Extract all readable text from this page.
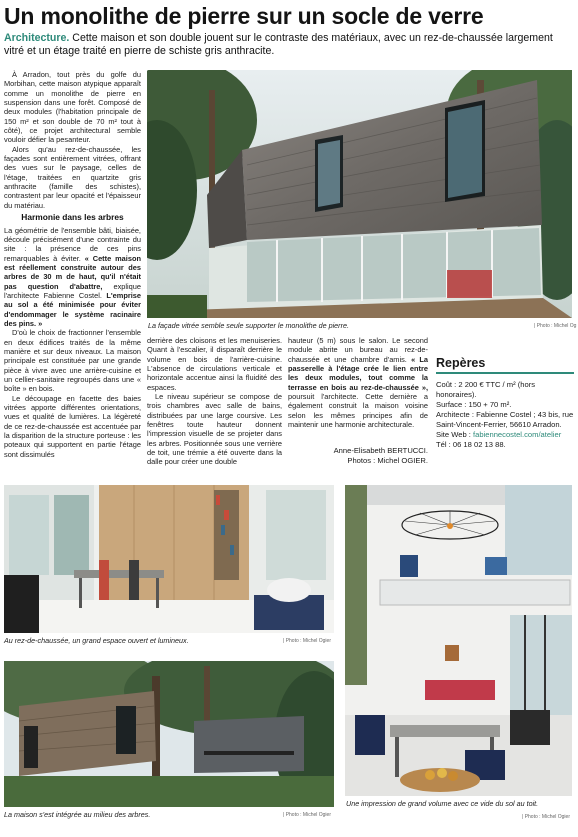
Un monolithe de pierre sur un socle de verre
Architecture. Cette maison et son double jouent sur le contraste des matériaux, avec un rez-de-chaussée largement vitré et un étage traité en pierre de schiste gris anthracite.

À Arradon, tout près du golfe du Morbihan, cette maison atypique apparaît comme un monolithe de pierre en suspension dans une forêt. Composé de deux modules (l'habitation principale de 150 m² et son double de 70 m² tout à côté), ce projet architectural semble vouloir défier la pesanteur.

Alors qu'au rez-de-chaussée, les façades sont entièrement vitrées, offrant des vues sur le paysage, celles de l'étage, traitées en quartzite gris anthracite (famille des schistes), contrastent par leur opacité et l'épaisseur du matériau.

Harmonie dans les arbres

La géométrie de l'ensemble bâti, biaisée, découle précisément d'une contrainte du site : la présence de ces pins remarquables à éviter. « Cette maison est réellement construite autour des arbres de 30 m de haut, qu'il n'était pas question d'abattre, explique l'architecte Fabienne Costel. L'emprise au sol a été minimisée pour éviter d'endommager le système racinaire des pins. »

D'où le choix de fractionner l'ensemble en deux édifices traités de la même manière et sur deux niveaux. La maison principale est constituée par une grande pièce à vivre avec une arrière-cuisine et un cellier-sanitaire regroupés dans une « boîte » en bois.

Le découpage en facette des baies vitrées apporte différentes orientations, vues et qualité de lumières. La légèreté de ce rez-de-chaussée est accentuée par la disparition de la structure porteuse : les poteaux qui supportent en partie l'étage sont dissimulés

La façade vitrée semble seule supporter le monolithe de pierre.	| Photo : Michel Og

derrière des cloisons et les menuiseries. Quant à l'escalier, il disparaît derrière le volume en bois de l'arrière-cuisine. L'absence de circulations verticale et horizontale accentue ainsi la fluidité des espaces.

Le niveau supérieur se compose de trois chambres avec salle de bains, distribuées par une large coursive. Les fenêtres toute hauteur donnent l'impression visuelle de se projeter dans les arbres. Positionnée sous une verrière de toit, une trémie a été ouverte dans la dalle pour créer une double

hauteur (5 m) sous le salon. Le second module abrite un bureau au rez-de-chaussée et une chambre d'amis. « La passerelle à l'étage crée le lien entre les deux modules, tout comme la terrasse en bois au rez-de-chaussée », poursuit l'architecte. Cette dernière a également construit la maison voisine selon les mêmes principes afin de maintenir une harmonie architecturale.

Anne-Elisabeth BERTUCCI.
Photos : Michel OGIER.
Repères
Coût : 2 200 € TTC / m² (hors honoraires).
Surface : 150 + 70 m².
Architecte : Fabienne Costel ; 43 bis, rue Saint-Vincent-Ferrier, 56610 Arradon.
Site Web : fabiennecostel.com/atelier
Tél : 06 18 02 13 88.
Au rez-de-chaussée, un grand espace ouvert et lumineux.	| Photo : Michel Ogier
La maison s'est intégrée au milieu des arbres.	| Photo : Michel Ogier
Une impression de grand volume avec ce vide du sol au toit.
| Photo : Michel Ogier
